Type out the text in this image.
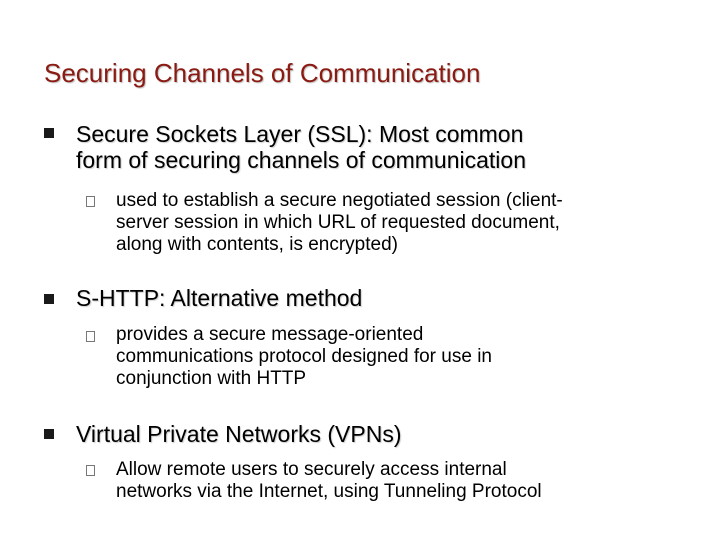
Securing Channels of Communication
Secure Sockets Layer (SSL): Most common
form of securing channels of communication
used to establish a secure negotiated session (client-
server session in which URL of requested document,
along with contents, is encrypted)
S-HTTP: Alternative method
provides a secure message-oriented
communications protocol designed for use in
conjunction with HTTP
Virtual Private Networks (VPNs)
Allow remote users to securely access internal
networks via the Internet, using Tunneling Protocol
